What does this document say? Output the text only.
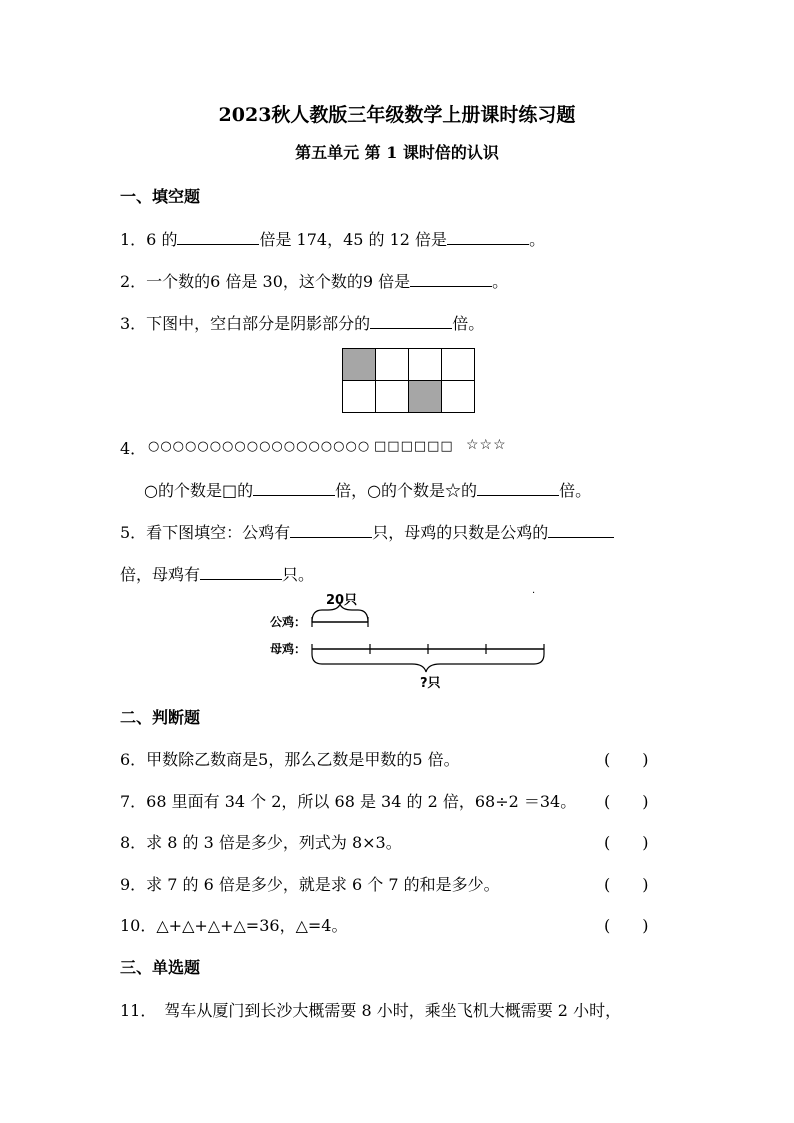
2023秋人教版三年级数学上册课时练习题
第五单元 第 1 课时倍的认识
一、填空题
1．6 的	倍是 174，45 的 12 倍是	。
2．一个数的6 倍是 30，这个数的9 倍是	。
3．下图中，空白部分是阴影部分的	倍。
4． ○○○○○○○○○○○○○○○○○○ □□□□□□ ☆☆☆
○的个数是□的	倍，○的个数是☆的	倍。
5．看下图填空：公鸡有	只，母鸡的只数是公鸡的
倍，母鸡有	只。
20只
公鸡：
母鸡：
?只
·
二、判断题
6．甲数除乙数商是5，那么乙数是甲数的5 倍。	(　　)
7．68 里面有 34 个 2，所以 68 是 34 的 2 倍，68÷2 ＝34。 (　　)
8．求 8 的 3 倍是多少，列式为 8×3。	(　　)
9．求 7 的 6 倍是多少，就是求 6 个 7 的和是多少。	(　　)
10．△+△+△+△=36，△=4。	(　　)
三、单选题
11．　驾车从厦门到长沙大概需要 8 小时，乘坐飞机大概需要 2 小时，
